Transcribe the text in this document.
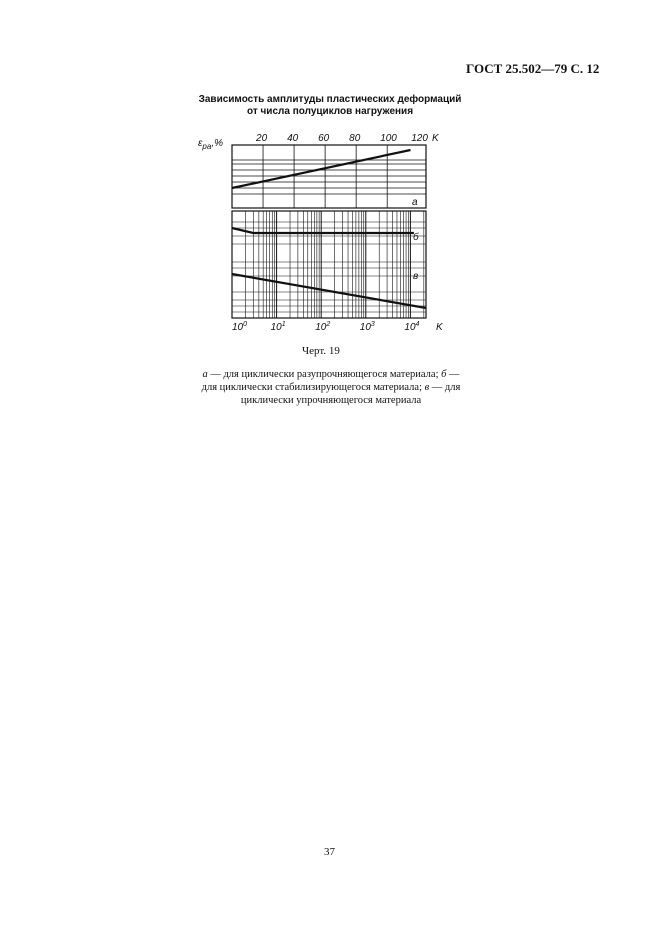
ГОСТ 25.502—79 С. 12
Зависимость амплитуды пластических деформаций
от числа полуциклов нагружения
$\varepsilon_{pa},\%$	20 40 60 80 100 120 K
а
б
в
$10^0$ $10^1$	$10^2$	$10^3$	$10^4$ K
Черт. 19
а — для циклически разупрочняющегося материала; б —
для циклически стабилизирующегося материала; в — для
циклически упрочняющегося материала
37
